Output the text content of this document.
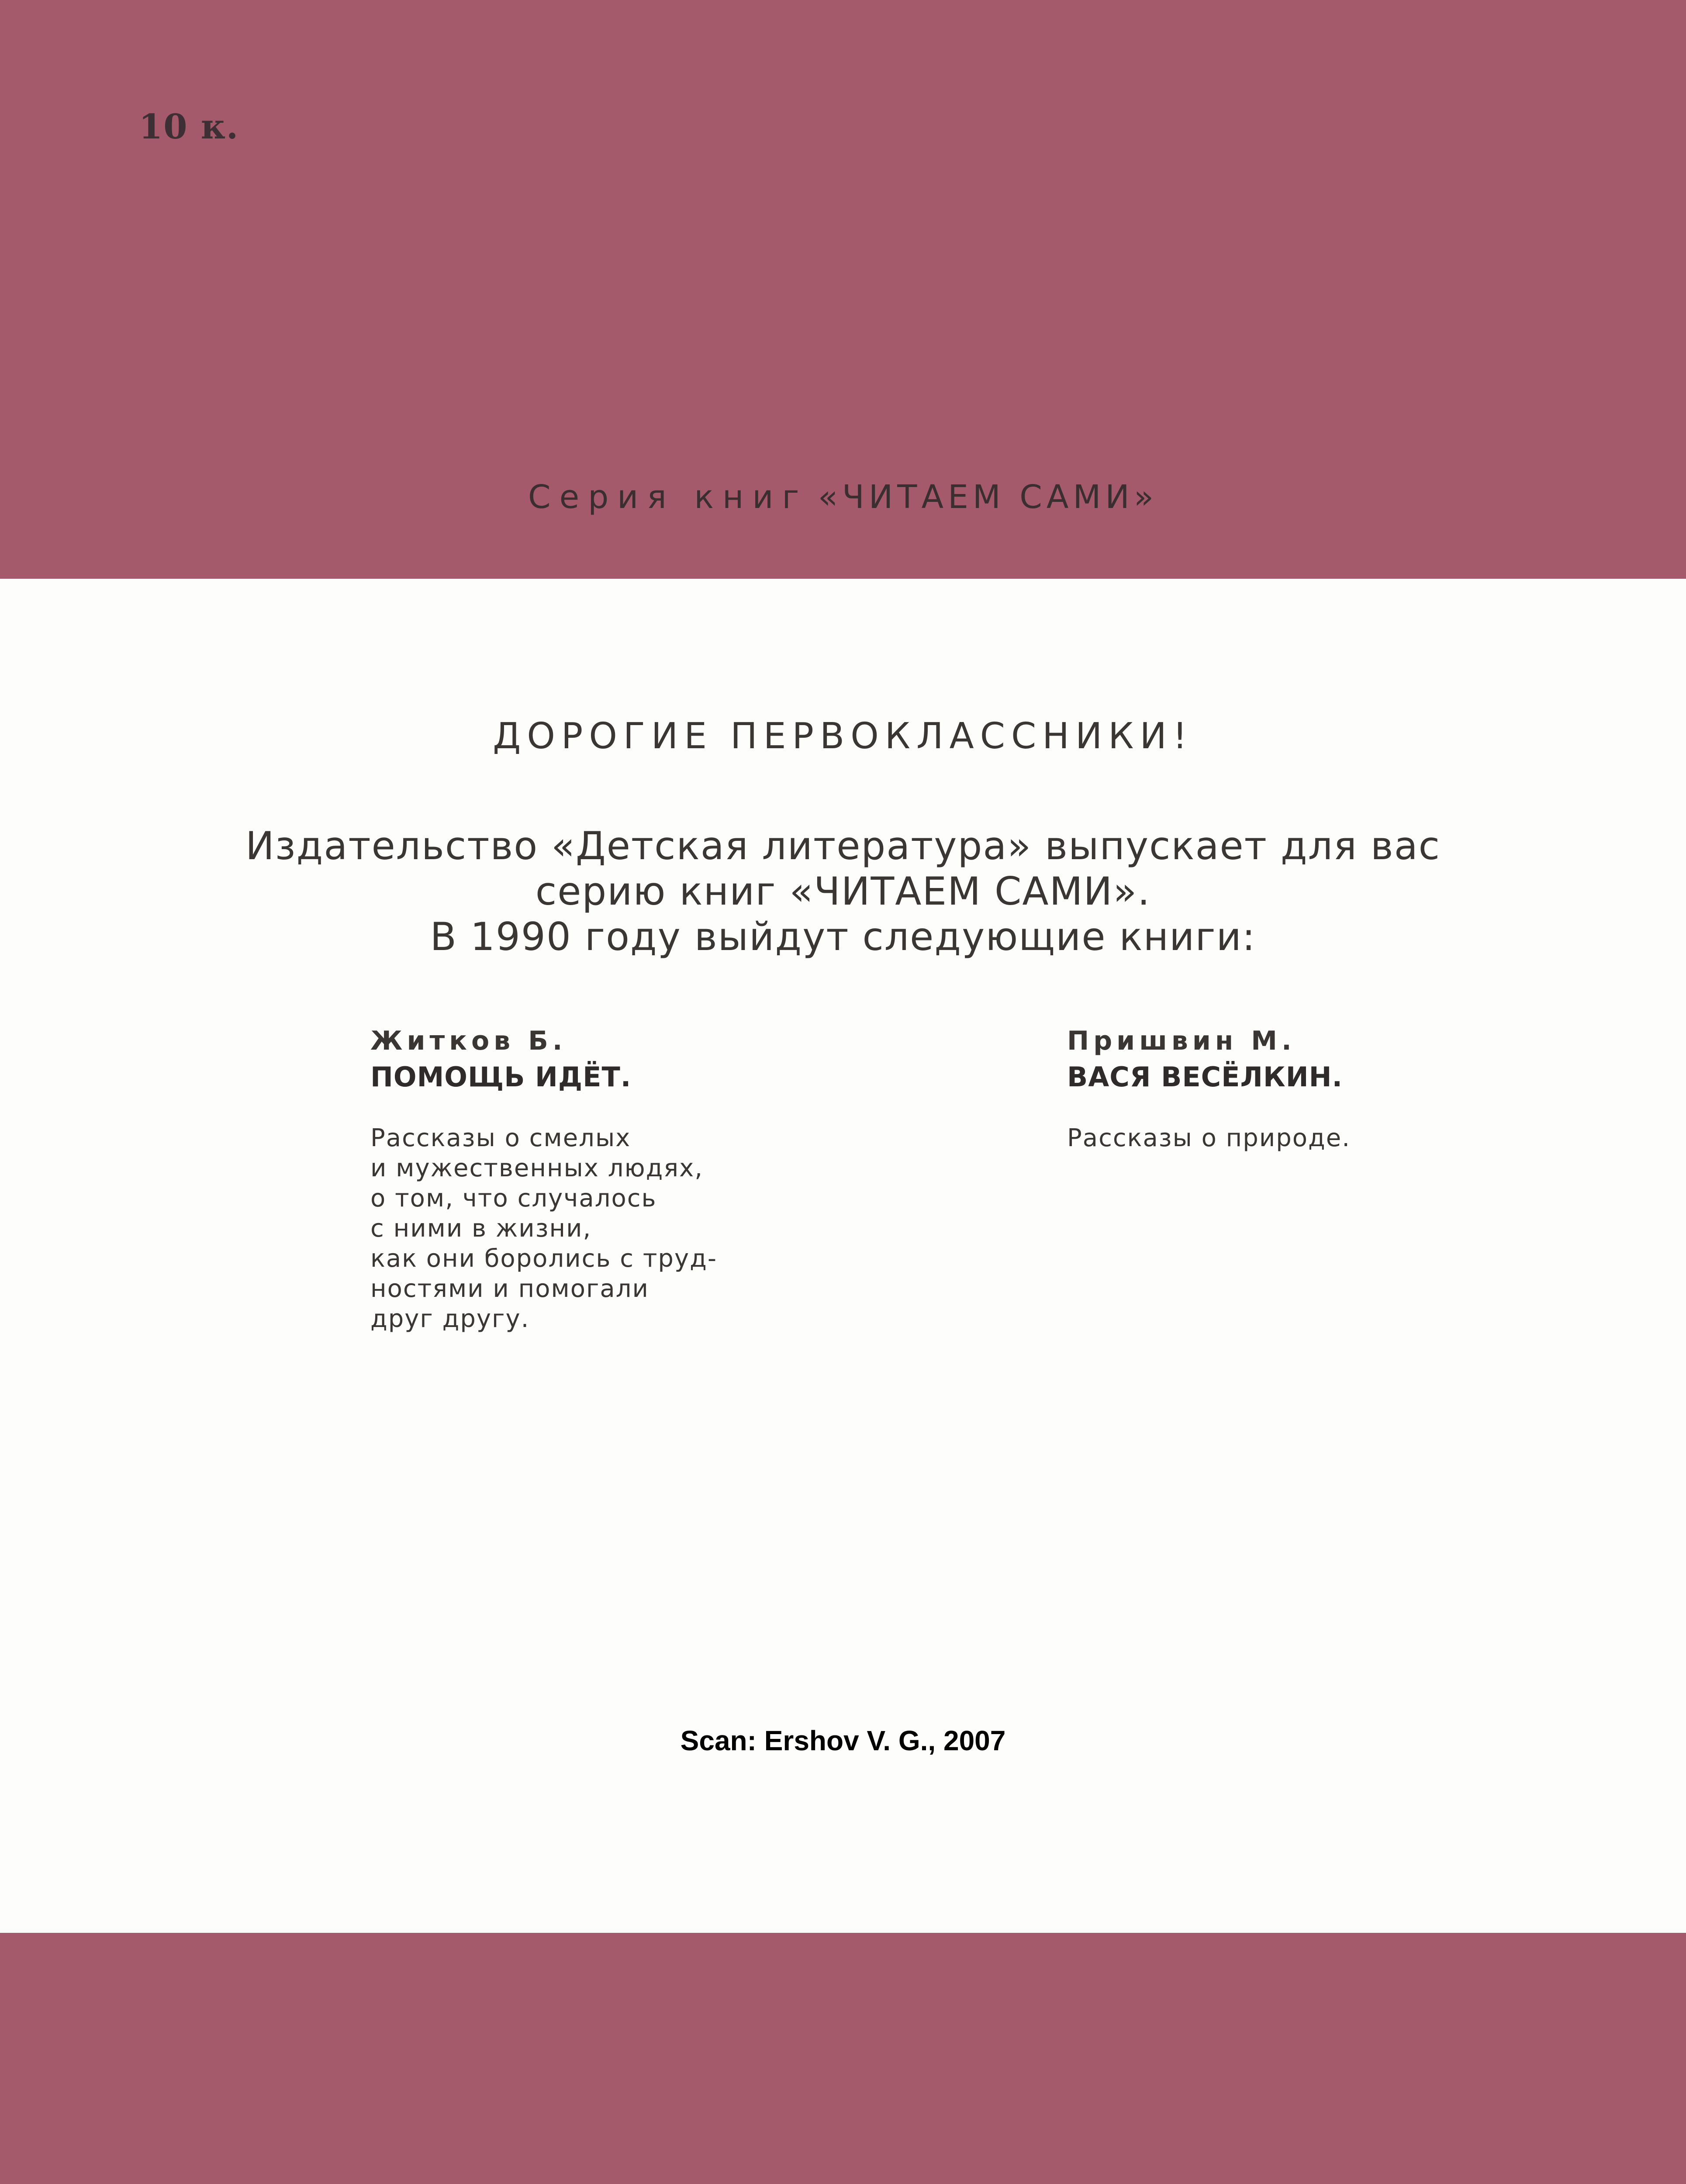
10 к.
Серия книг «ЧИТАЕМ САМИ»
ДОРОГИЕ ПЕРВОКЛАССНИКИ!
Издательство «Детская литература» выпускает для вас
серию книг «ЧИТАЕМ САМИ».
В 1990 году выйдут следующие книги:
Житков Б.
ПОМОЩЬ ИДЁТ.
Рассказы о смелых
и мужественных людях,
о том, что случалось
с ними в жизни,
как они боролись с труд-
ностями и помогали
друг другу.
Пришвин М.
ВАСЯ ВЕСЁЛКИН.
Рассказы о природе.
Scan: Ershov V. G., 2007
